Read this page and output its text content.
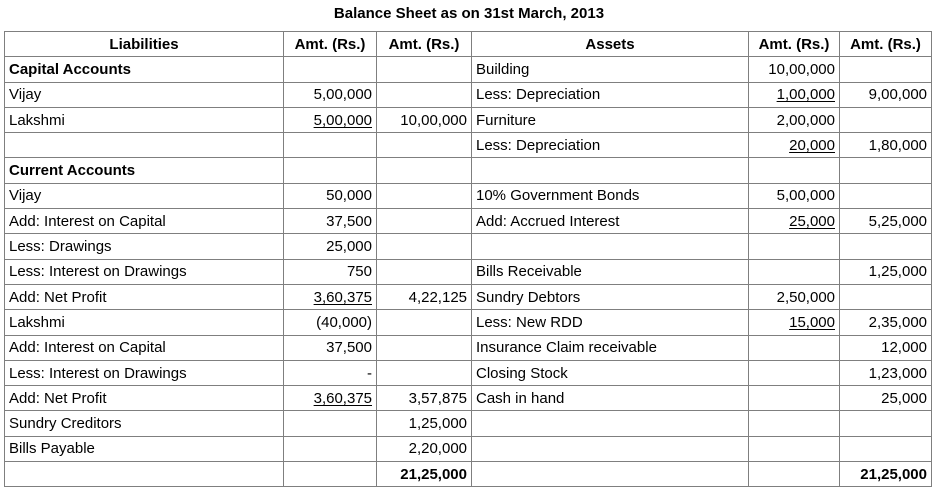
Balance Sheet as on 31st March, 2013
Liabilities	Amt. (Rs.)	Amt. (Rs.)	Assets	Amt. (Rs.)	Amt. (Rs.)
Capital Accounts			Building	10,00,000	
Vijay	5,00,000		Less: Depreciation	1,00,000	9,00,000
Lakshmi	5,00,000	10,00,000	Furniture	2,00,000	
			Less: Depreciation	20,000	1,80,000
Current Accounts					
Vijay	50,000		10% Government Bonds	5,00,000	
Add: Interest on Capital	37,500		Add: Accrued Interest	25,000	5,25,000
Less: Drawings	25,000				
Less: Interest on Drawings	750		Bills Receivable		1,25,000
Add: Net Profit	3,60,375	4,22,125	Sundry Debtors	2,50,000	
Lakshmi	(40,000)		Less: New RDD	15,000	2,35,000
Add: Interest on Capital	37,500		Insurance Claim receivable		12,000
Less: Interest on Drawings	-		Closing Stock		1,23,000
Add: Net Profit	3,60,375	3,57,875	Cash in hand		25,000
Sundry Creditors		1,25,000			
Bills Payable		2,20,000			
		21,25,000			21,25,000
